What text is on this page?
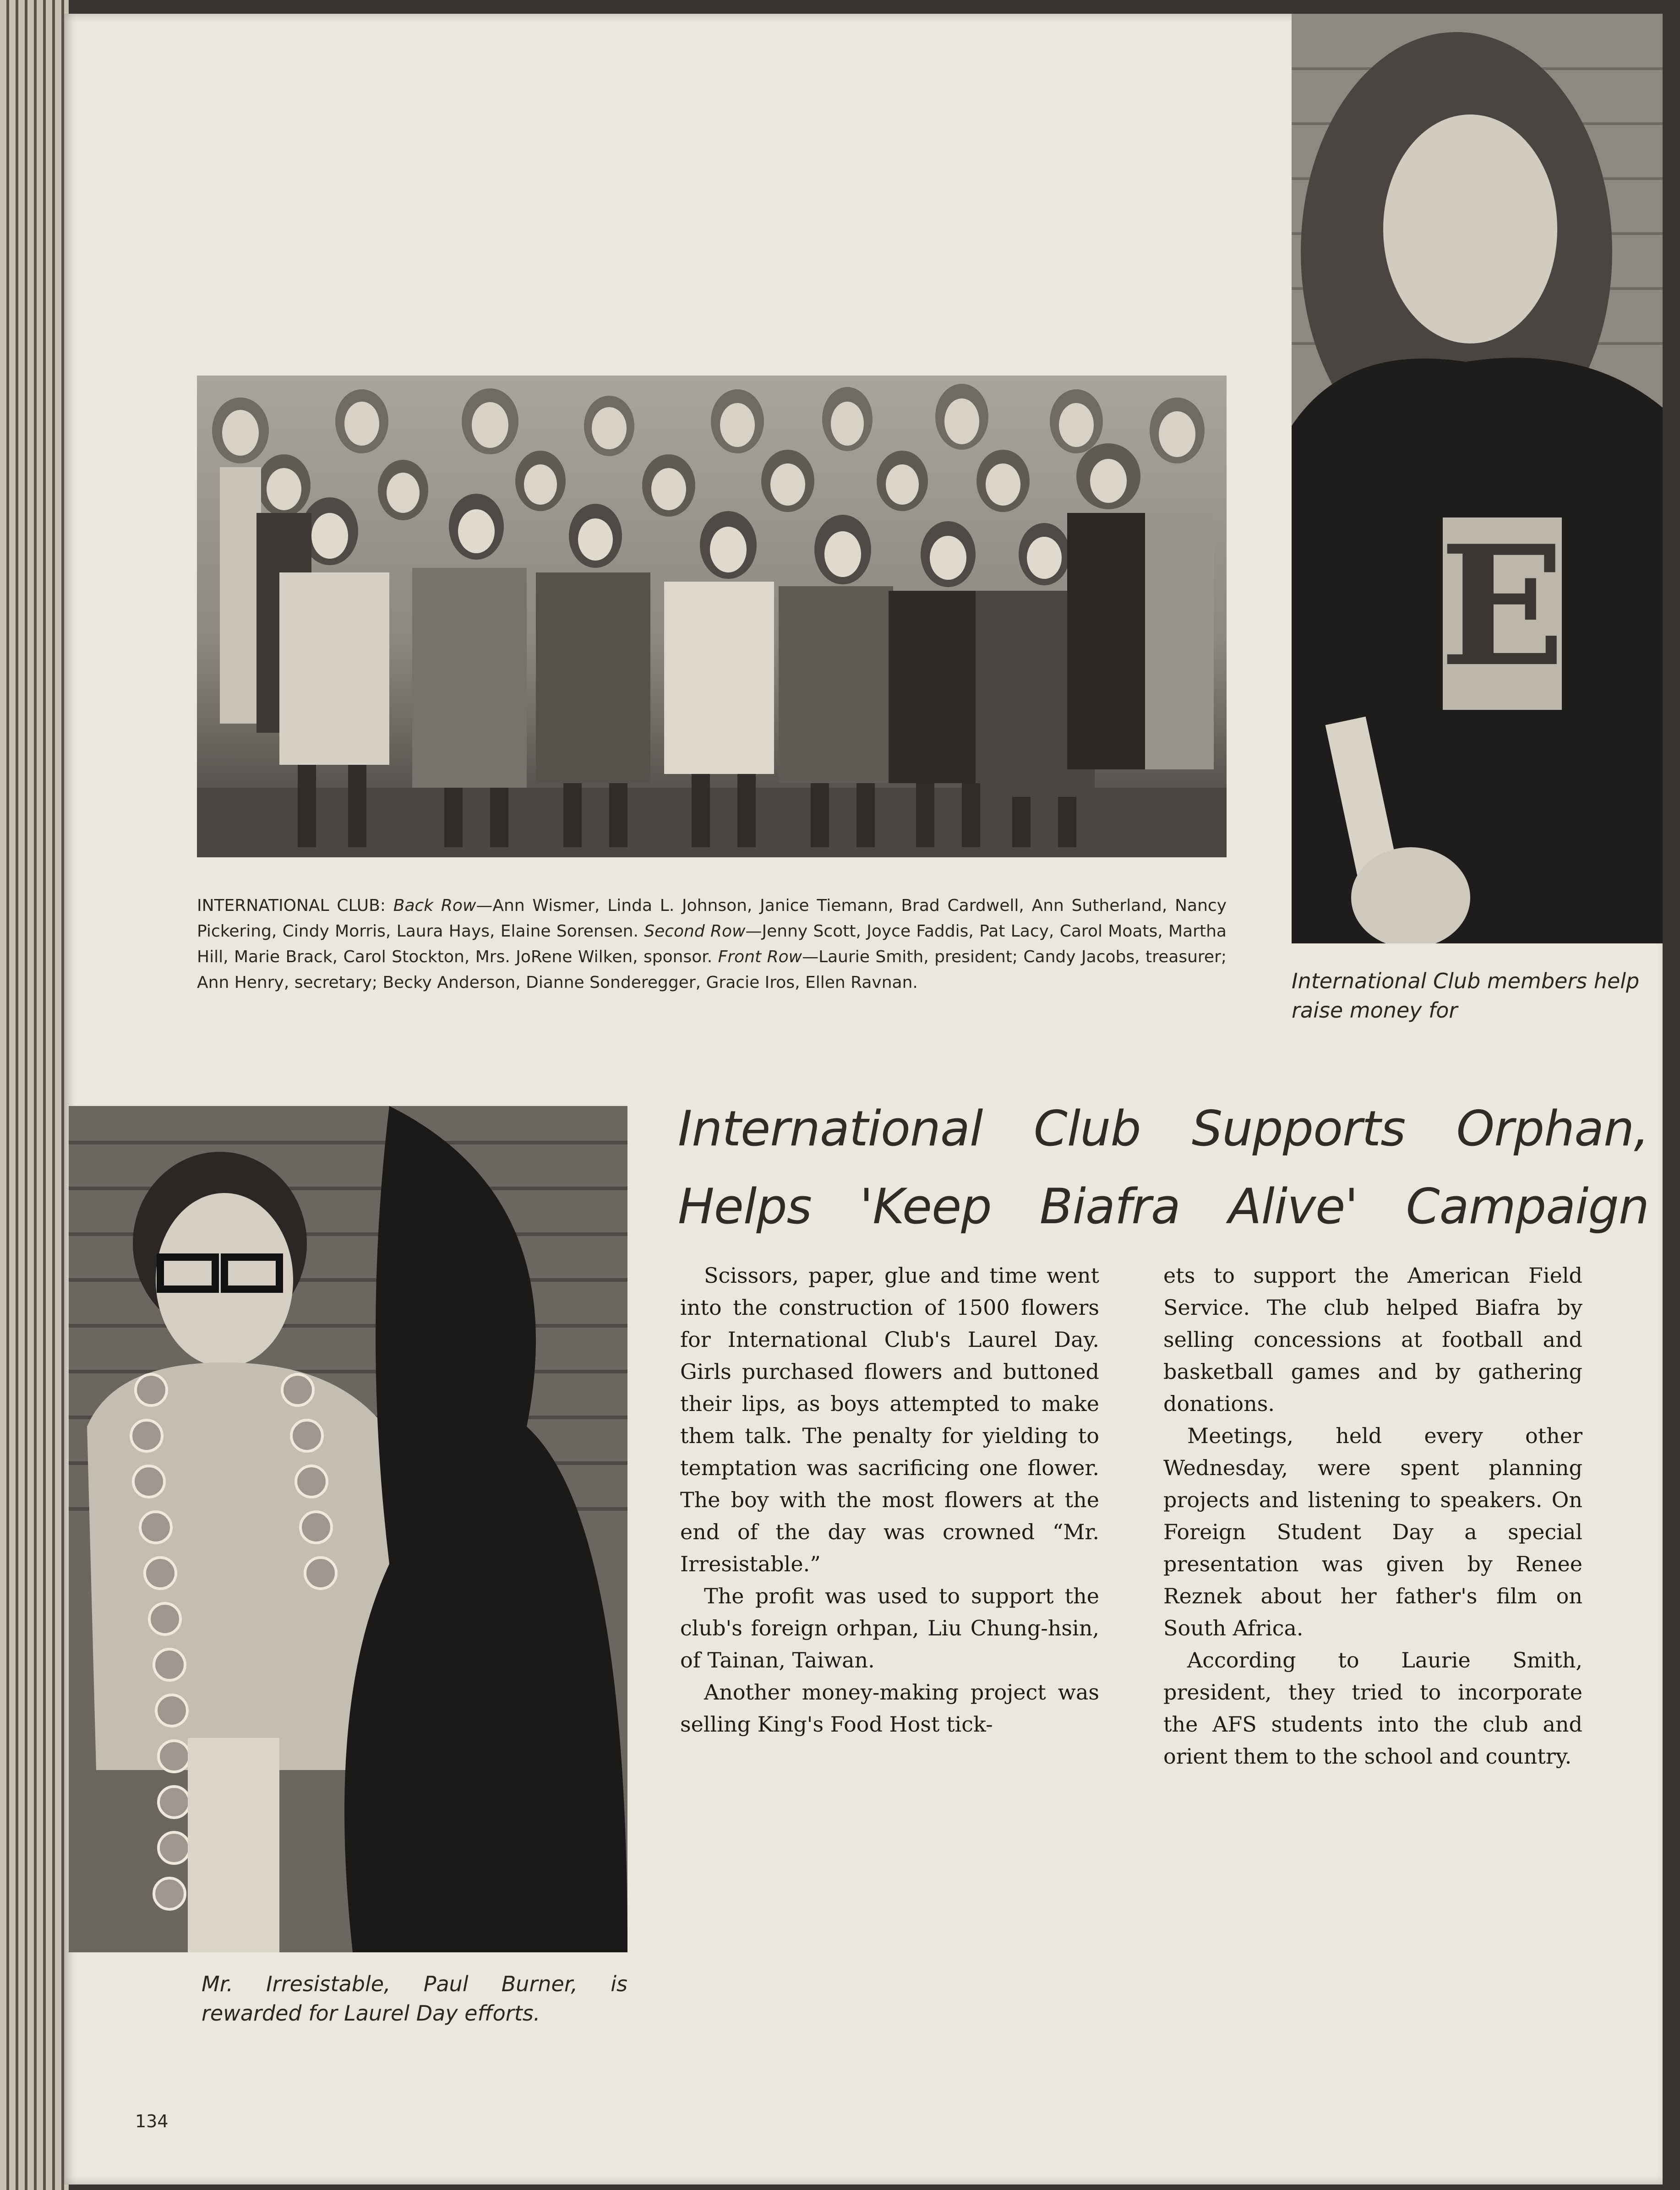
INTERNATIONAL CLUB: Back Row—Ann Wismer, Linda L. Johnson, Janice Tiemann, Brad Cardwell, Ann Sutherland, Nancy Pickering, Cindy Morris, Laura Hays, Elaine Sorensen. Second Row—Jenny Scott, Joyce Faddis, Pat Lacy, Carol Moats, Martha Hill, Marie Brack, Carol Stockton, Mrs. JoRene Wilken, sponsor. Front Row—Laurie Smith, president; Candy Jacobs, treasurer; Ann Henry, secretary; Becky Anderson, Dianne Sonderegger, Gracie Iros, Ellen Ravnan.
E
International Club members help raise money for
Mr. Irresistable, Paul Burner, is rewarded for Laurel Day efforts.
International Club Supports Orphan,
Helps 'Keep Biafra Alive' Campaign

Scissors, paper, glue and time went into the construction of 1500 flowers for International Club's Laurel Day. Girls purchased flowers and buttoned their lips, as boys attempted to make them talk. The penalty for yielding to temptation was sacrificing one flower. The boy with the most flowers at the end of the day was crowned “Mr. Irresistable.”

The profit was used to support the club's foreign orhpan, Liu Chung-hsin, of Tainan, Taiwan.

Another money-making project was selling King's Food Host tick-

ets to support the American Field Service. The club helped Biafra by selling concessions at football and basketball games and by gathering donations.

Meetings, held every other Wednesday, were spent planning projects and listening to speakers. On Foreign Student Day a special presentation was given by Renee Reznek about her father's film on South Africa.

According to Laurie Smith, president, they tried to incorporate the AFS students into the club and orient them to the school and country.

134
